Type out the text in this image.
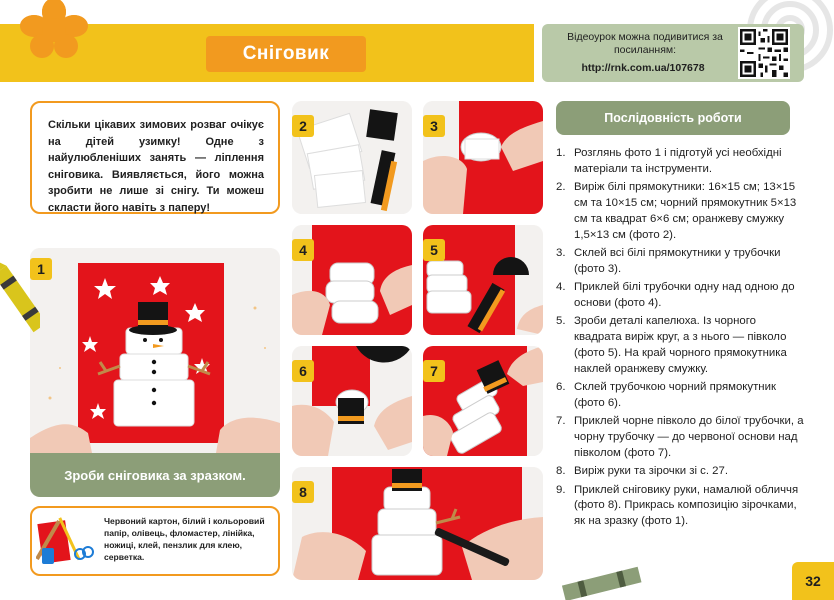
Сніговик
Відеоурок можна подивитися за посиланням:
http://rnk.com.ua/107678
Скільки цікавих зимових розваг очікує на дітей узимку! Одне з найулюбленіших занять — ліплення сніговика. Виявляється, його можна зробити не лише зі снігу. Ти можеш скласти його навіть з паперу!
1
Зроби сніговика за зразком.
Червоний картон, білий і кольоровий папір, олівець, фломастер, лінійка, ножиці, клей, пензлик для клею, серветка.
2	3
4	5
6	7
8
Послідовність роботи
1. Розглянь фото 1 і підготуй усі необхідні матеріали та інструменти.
2. Виріж білі прямокутники: 16×15 см; 13×15 см та 10×15 см; чорний прямокутник 5×13 см та квадрат 6×6 см; оранжеву смужку 1,5×13 см (фото 2).
3. Склей всі білі прямокутники у трубочки (фото 3).
4. Приклей білі трубочки одну над одною до основи (фото 4).
5. Зроби деталі капелюха. Із чорного квадрата виріж круг, а з нього — півколо (фото 5). На край чорного прямокутника наклей оранжеву смужку.
6. Склей трубочкою чорний прямокутник (фото 6).
7. Приклей чорне півколо до білої трубочки, а чорну трубочку — до червоної основи над півколом (фото 7).
8. Виріж руки та зірочки зі с. 27.
9. Приклей сніговику руки, намалюй обличчя (фото 8). Прикрась композицію зірочками, як на зразку (фото 1).
32
